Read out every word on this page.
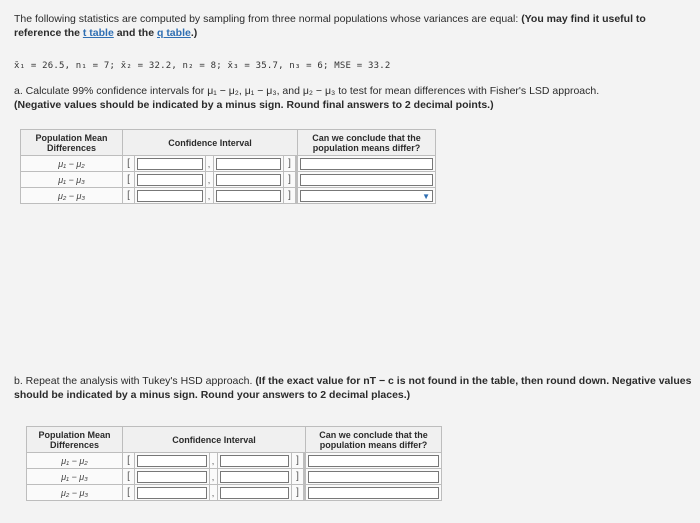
The following statistics are computed by sampling from three normal populations whose variances are equal: (You may find it useful to reference the t table and the q table.)
x̄₁ = 26.5, n₁ = 7; x̄₂ = 32.2, n₂ = 8; x̄₃ = 35.7, n₃ = 6; MSE = 33.2
a. Calculate 99% confidence intervals for μ₁ − μ₂, μ₁ − μ₃, and μ₂ − μ₃ to test for mean differences with Fisher's LSD approach.
(Negative values should be indicated by a minus sign. Round final answers to 2 decimal points.)
Population Mean Differences	Confidence Interval						Can we conclude that the population means differ?
μ₁ − μ₂	[		,		]			

μ₁ − μ₃	[		,		]			

μ₂ − μ₃	[		,		]			▼
b. Repeat the analysis with Tukey's HSD approach. (If the exact value for nT − c is not found in the table, then round down. Negative values should be indicated by a minus sign. Round your answers to 2 decimal places.)
Population Mean Differences	Confidence Interval						Can we conclude that the population means differ?
μ₁ − μ₂	[		,		]			

μ₁ − μ₃	[		,		]			

μ₂ − μ₃	[		,		]			
